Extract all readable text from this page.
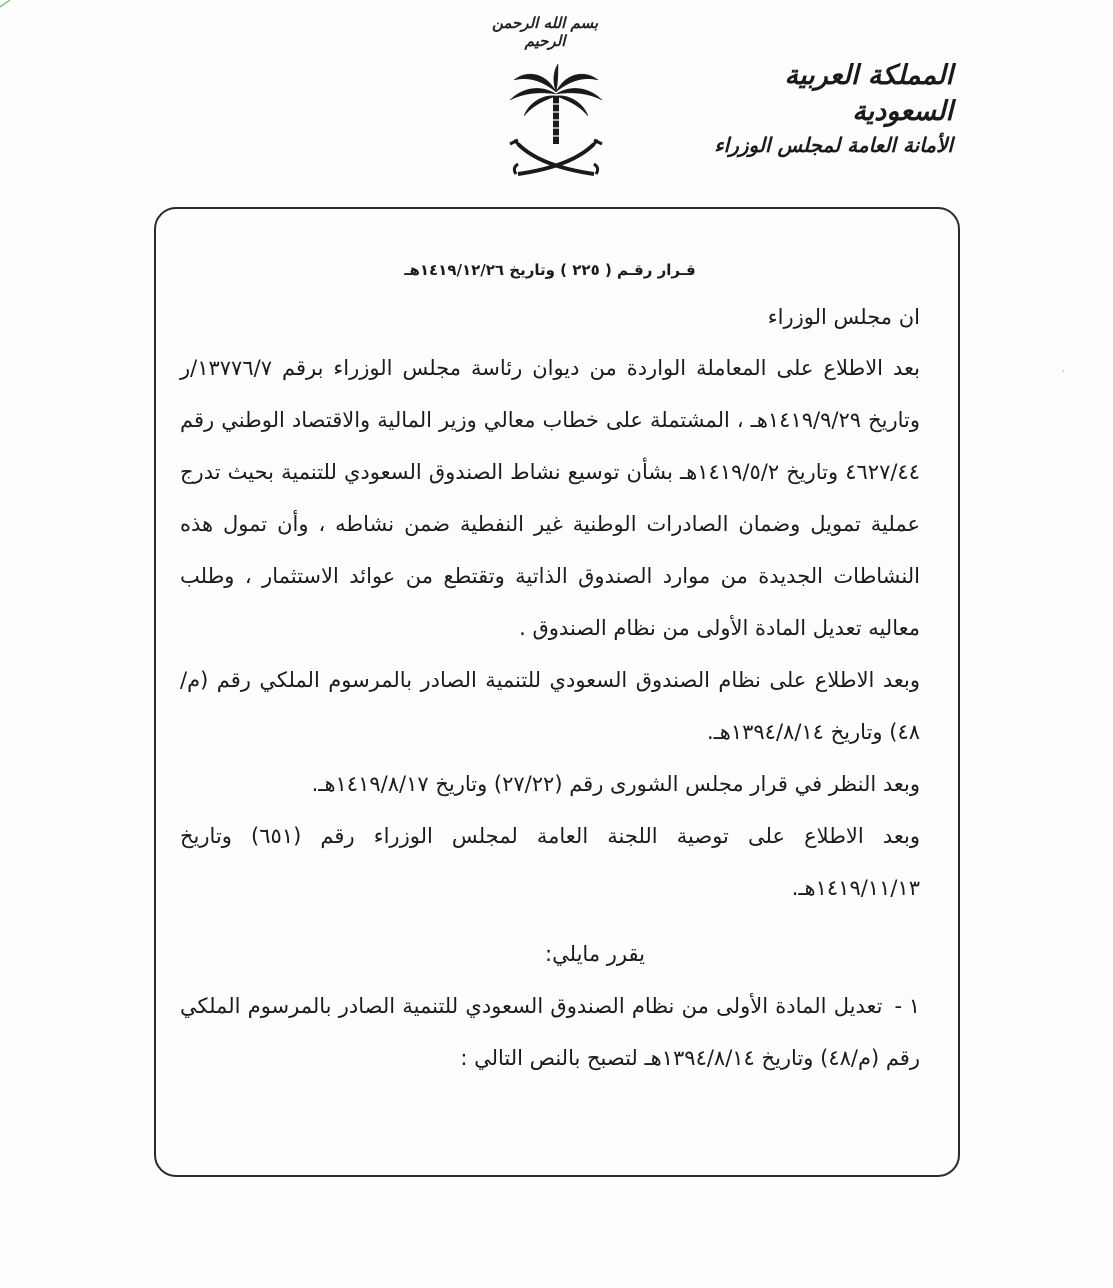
بسم الله الرحمن الرحيم
المملكة العربية السعودية
الأمانة العامة لمجلس الوزراء
قـرار رقـم ( ٢٢٥ ) وتاريخ ١٤١٩/١٢/٢٦هـ

ان مجلس الوزراء

بعد الاطلاع على المعاملة الواردة من ديوان رئاسة مجلس الوزراء برقم ١٣٧٧٦/٧/ر وتاريخ ١٤١٩/٩/٢٩هـ ، المشتملة على خطاب معالي وزير المالية والاقتصاد الوطني رقم ٤٦٢٧/٤٤ وتاريخ ١٤١٩/٥/٢هـ بشأن توسيع نشاط الصندوق السعودي للتنمية بحيث تدرج عملية تمويل وضمان الصادرات الوطنية غير النفطية ضمن نشاطه ، وأن تمول هذه النشاطات الجديدة من موارد الصندوق الذاتية وتقتطع من عوائد الاستثمار ، وطلب معاليه تعديل المادة الأولى من نظام الصندوق .

وبعد الاطلاع على نظام الصندوق السعودي للتنمية الصادر بالمرسوم الملكي رقم (م/٤٨) وتاريخ ١٣٩٤/٨/١٤هـ.

وبعد النظر في قرار مجلس الشورى رقم (٢٧/٢٢) وتاريخ ١٤١٩/٨/١٧هـ.

وبعد الاطلاع على توصية اللجنة العامة لمجلس الوزراء رقم (٦٥١) وتاريخ ١٤١٩/١١/١٣هـ.

يقرر مايلي:

١ -تعديل المادة الأولى من نظام الصندوق السعودي للتنمية الصادر بالمرسوم الملكي رقم (م/٤٨) وتاريخ ١٣٩٤/٨/١٤هـ لتصبح بالنص التالي :
